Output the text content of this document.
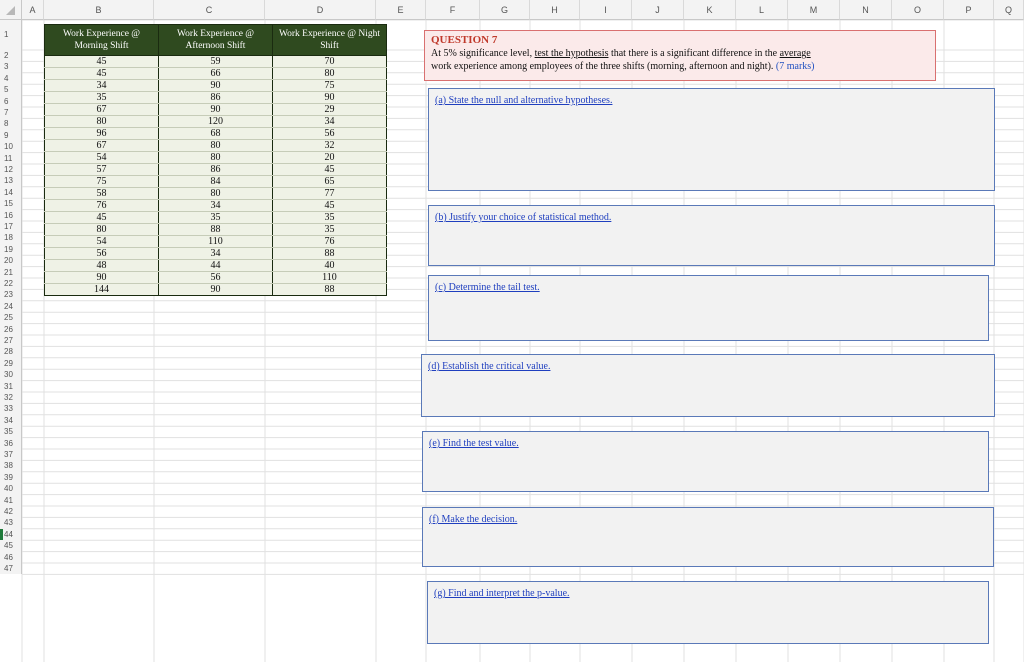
A	B	C	D	E	F	G	H	I	J	K	L	M	N	O	P	Q
1
2
3
4
5
6
7
8
9
10
11
12
13
14
15
16
17
18
19
20
21
22
23
24
25
26
27
28
29
30
31
32
33
34
35
36
37
38
39
40
41
42
43
44
45
46
47
Work Experience @ Morning Shift	Work Experience @ Afternoon Shift	Work Experience @ Night Shift
45	59	70
45	66	80
34	90	75
35	86	90
67	90	29
80	120	34
96	68	56
67	80	32
54	80	20
57	86	45
75	84	65
58	80	77
76	34	45
45	35	35
80	88	35
54	110	76
56	34	88
48	44	40
90	56	110
144	90	88
QUESTION 7
At 5% significance level, test the hypothesis that there is a significant difference in the average
work experience among employees of the three shifts (morning, afternoon and night). (7 marks)
(a) State the null and alternative hypotheses.
(b) Justify your choice of statistical method.
(c) Determine the tail test.
(d) Establish the critical value.
(e) Find the test value.
(f) Make the decision.
(g) Find and interpret the p-value.
